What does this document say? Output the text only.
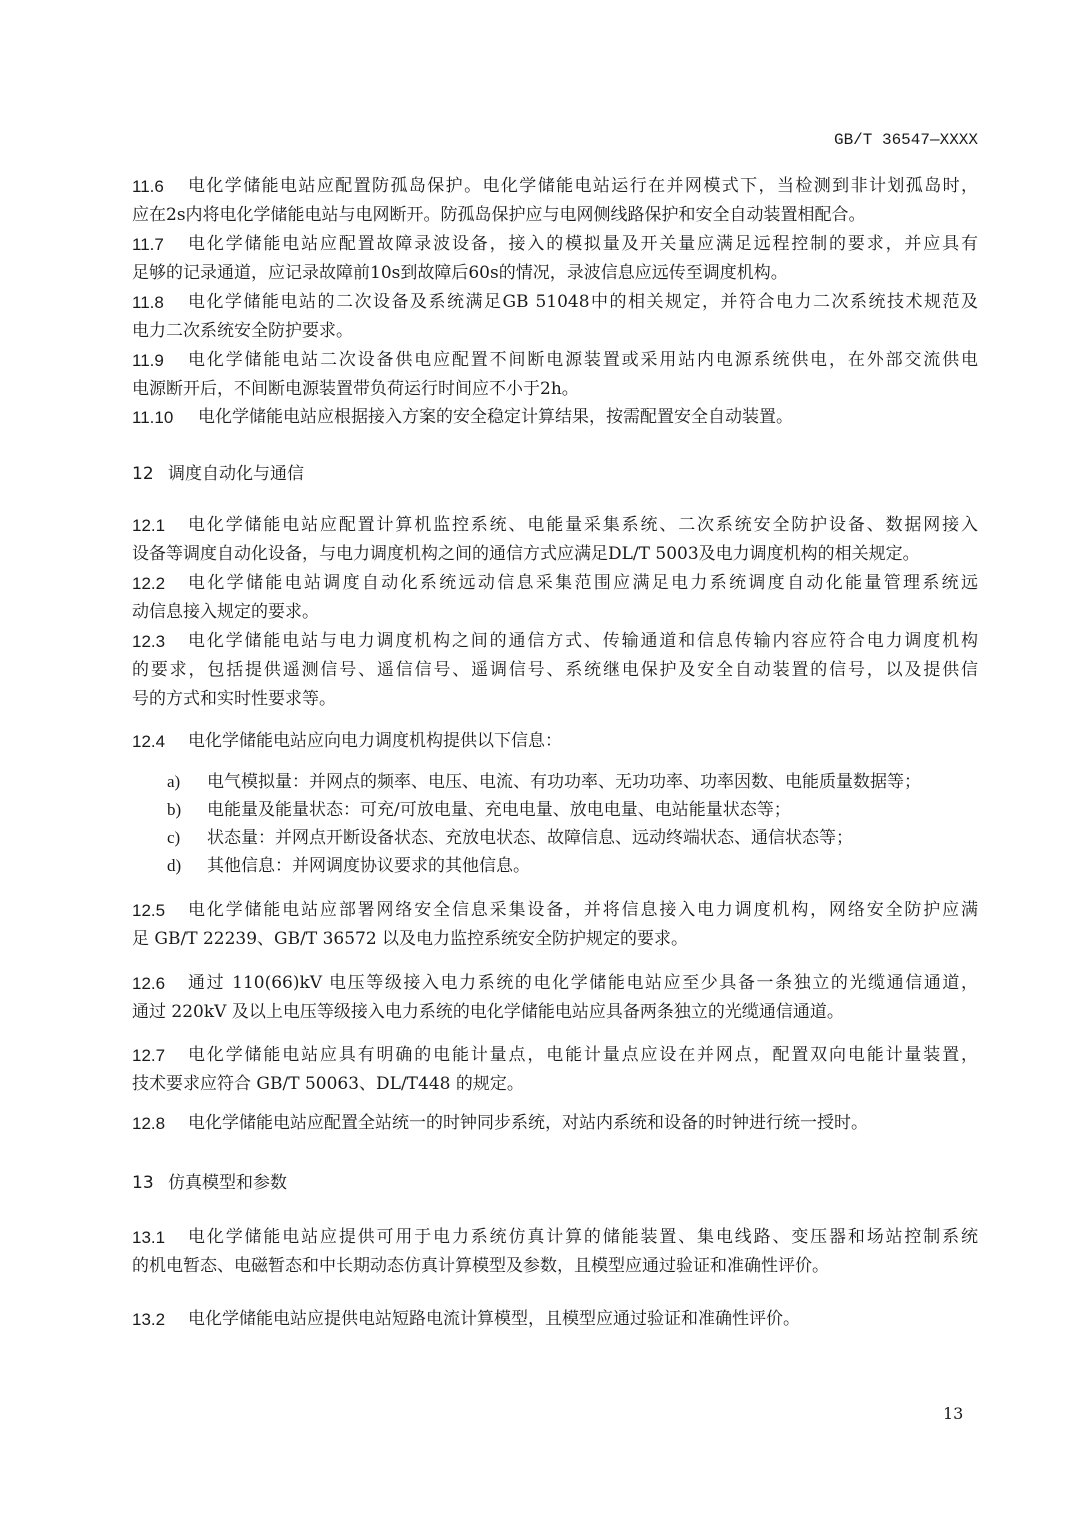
GB/T 36547—XXXX
11.6	电化学储能电站应配置防孤岛保护。电化学储能电站运行在并网模式下，当检测到非计划孤岛时，
应在2s内将电化学储能电站与电网断开。防孤岛保护应与电网侧线路保护和安全自动装置相配合。
11.7	电化学储能电站应配置故障录波设备，接入的模拟量及开关量应满足远程控制的要求，并应具有
足够的记录通道，应记录故障前10s到故障后60s的情况，录波信息应远传至调度机构。
11.8	电化学储能电站的二次设备及系统满足GB 51048中的相关规定，并符合电力二次系统技术规范及
电力二次系统安全防护要求。
11.9	电化学储能电站二次设备供电应配置不间断电源装置或采用站内电源系统供电，在外部交流供电
电源断开后，不间断电源装置带负荷运行时间应不小于2h。
11.10	电化学储能电站应根据接入方案的安全稳定计算结果，按需配置安全自动装置。
12.1	电化学储能电站应配置计算机监控系统、电能量采集系统、二次系统安全防护设备、数据网接入
设备等调度自动化设备，与电力调度机构之间的通信方式应满足DL/T 5003及电力调度机构的相关规定。
12.2	电化学储能电站调度自动化系统远动信息采集范围应满足电力系统调度自动化能量管理系统远
动信息接入规定的要求。
12.3	电化学储能电站与电力调度机构之间的通信方式、传输通道和信息传输内容应符合电力调度机构
的要求，包括提供遥测信号、遥信信号、遥调信号、系统继电保护及安全自动装置的信号，以及提供信
号的方式和实时性要求等。
12.4	电化学储能电站应向电力调度机构提供以下信息：
12.5	电化学储能电站应部署网络安全信息采集设备，并将信息接入电力调度机构，网络安全防护应满
足 GB/T 22239、GB/T 36572 以及电力监控系统安全防护规定的要求。
12.6	通过 110(66)kV 电压等级接入电力系统的电化学储能电站应至少具备一条独立的光缆通信通道，
通过 220kV 及以上电压等级接入电力系统的电化学储能电站应具备两条独立的光缆通信通道。
12.7	电化学储能电站应具有明确的电能计量点，电能计量点应设在并网点，配置双向电能计量装置，
技术要求应符合 GB/T 50063、DL/T448 的规定。
12.8	电化学储能电站应配置全站统一的时钟同步系统，对站内系统和设备的时钟进行统一授时。
13.1	电化学储能电站应提供可用于电力系统仿真计算的储能装置、集电线路、变压器和场站控制系统
的机电暂态、电磁暂态和中长期动态仿真计算模型及参数，且模型应通过验证和准确性评价。
13.2	电化学储能电站应提供电站短路电流计算模型，且模型应通过验证和准确性评价。
12 调度自动化与通信
13 仿真模型和参数
a) 电气模拟量：并网点的频率、电压、电流、有功功率、无功功率、功率因数、电能质量数据等；
b) 电能量及能量状态：可充/可放电量、充电电量、放电电量、电站能量状态等；
c) 状态量：并网点开断设备状态、充放电状态、故障信息、远动终端状态、通信状态等；
d) 其他信息：并网调度协议要求的其他信息。
13
